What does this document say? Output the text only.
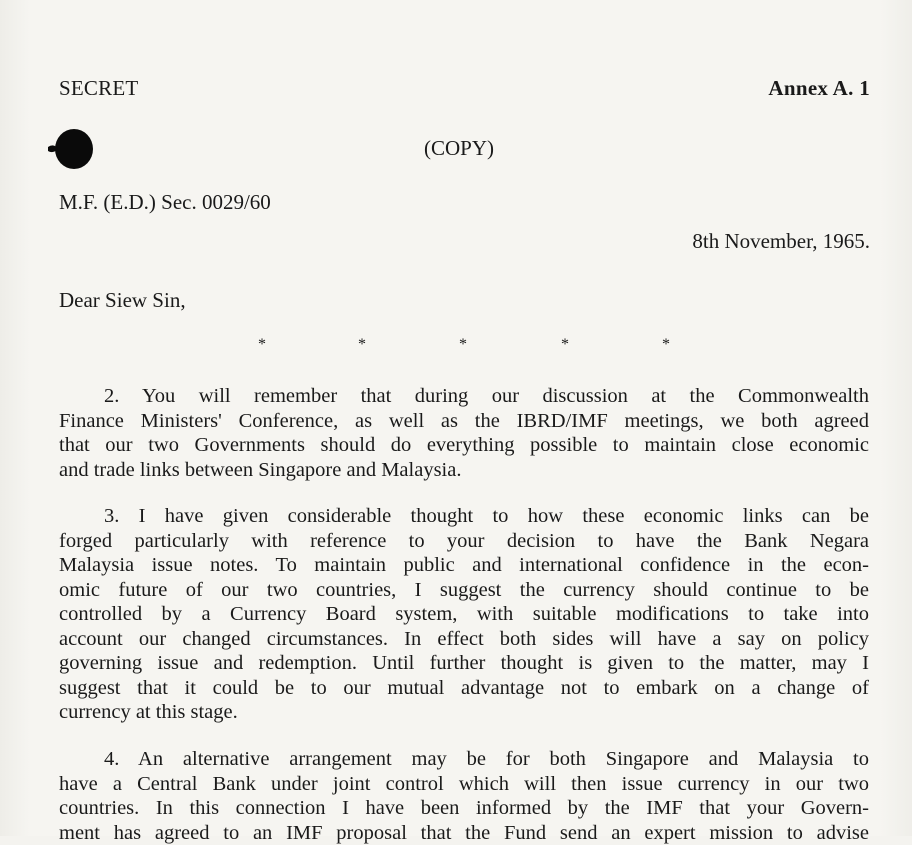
SECRET	Annex A. 1
(COPY)
M.F. (E.D.) Sec. 0029/60
8th November, 1965.
Dear Siew Sin,
*	*	*	*	*
2. You will remember that during our discussion at the Commonwealth
Finance Ministers' Conference, as well as the IBRD/IMF meetings, we both agreed
that our two Governments should do everything possible to maintain close economic
and trade links between Singapore and Malaysia.
3. I have given considerable thought to how these economic links can be
forged particularly with reference to your decision to have the Bank Negara
Malaysia issue notes. To maintain public and international confidence in the econ-
omic future of our two countries, I suggest the currency should continue to be
controlled by a Currency Board system, with suitable modifications to take into
account our changed circumstances. In effect both sides will have a say on policy
governing issue and redemption. Until further thought is given to the matter, may I
suggest that it could be to our mutual advantage not to embark on a change of
currency at this stage.
4. An alternative arrangement may be for both Singapore and Malaysia to
have a Central Bank under joint control which will then issue currency in our two
countries. In this connection I have been informed by the IMF that your Govern-
ment has agreed to an IMF proposal that the Fund send an expert mission to advise
